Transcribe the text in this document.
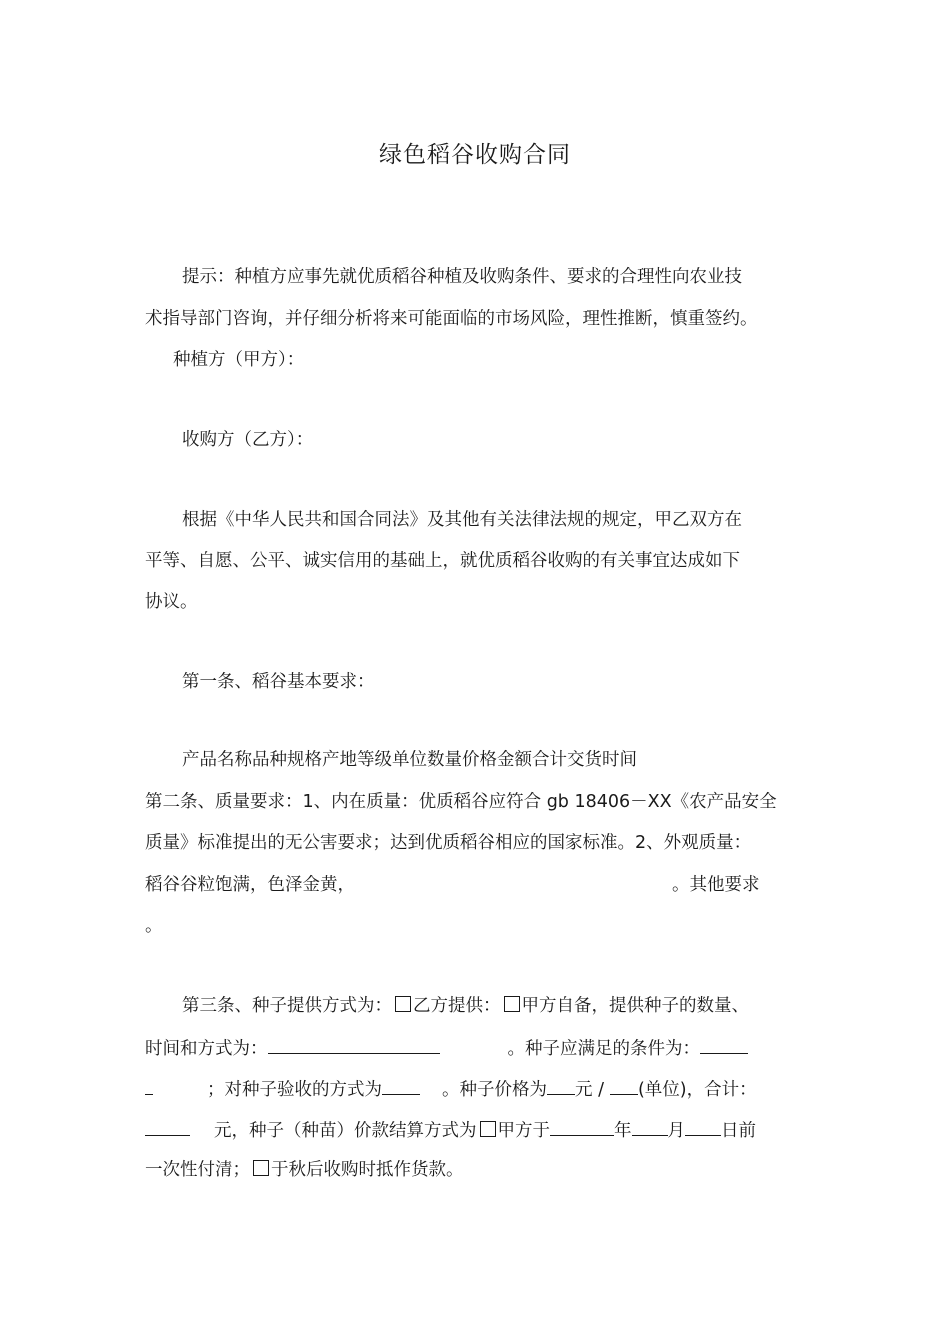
绿色稻谷收购合同
提示：种植方应事先就优质稻谷种植及收购条件、要求的合理性向农业技
术指导部门咨询，并仔细分析将来可能面临的市场风险，理性推断，慎重签约。
种植方（甲方）：
收购方（乙方）：
根据《中华人民共和国合同法》及其他有关法律法规的规定，甲乙双方在
平等、自愿、公平、诚实信用的基础上，就优质稻谷收购的有关事宜达成如下
协议。
第一条、稻谷基本要求：
产品名称品种规格产地等级单位数量价格金额合计交货时间
第二条、质量要求：1、内在质量：优质稻谷应符合 gb 18406－XX《农产品安全
质量》标准提出的无公害要求；达到优质稻谷相应的国家标准。2、外观质量：
稻谷谷粒饱满，色泽金黄，	。其他要求
。
第三条、种子提供方式为： 乙方提供： 甲方自备，提供种子的数量、
时间和方式为：	。种子应满足的条件为：
；对种子验收的方式为	。种子价格为 元 / (单位)，合计：
元，种子（种苗）价款结算方式为 甲方于	年 月 日前
一次性付清； 于秋后收购时抵作货款。
